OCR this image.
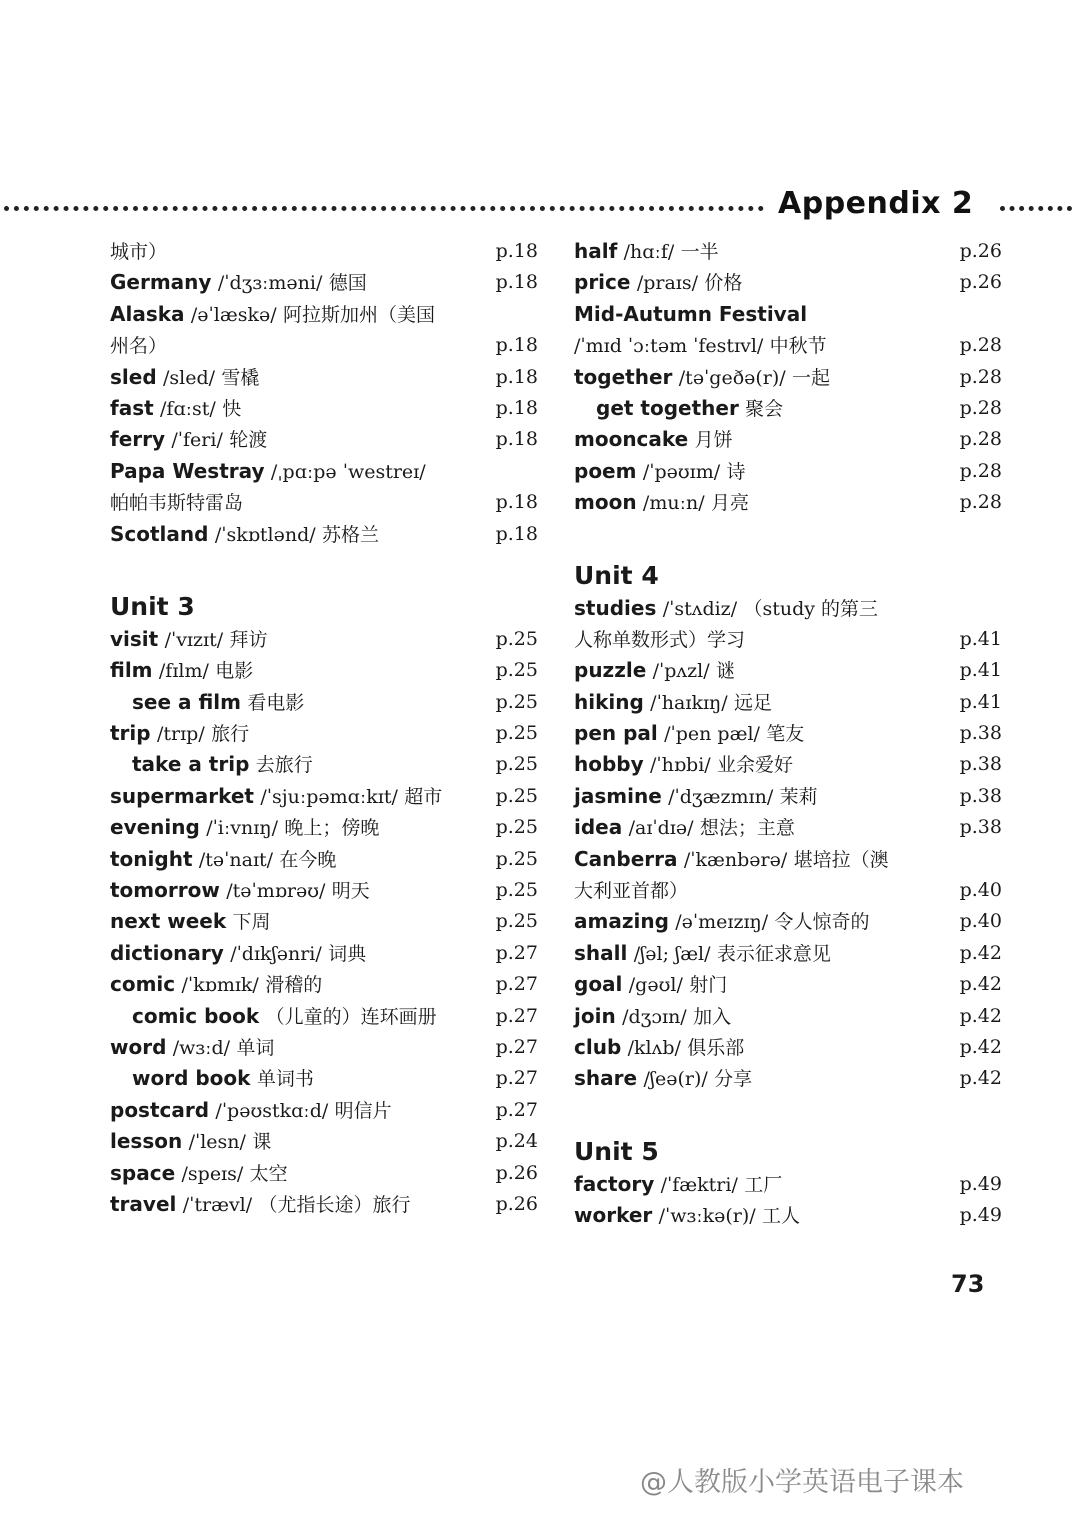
Appendix 2
城市）	p.18
Germany /ˈdʒɜːməni/ 德国	p.18
Alaska /əˈlæskə/ 阿拉斯加州（美国
州名）	p.18
sled /sled/ 雪橇	p.18
fast /fɑːst/ 快	p.18
ferry /ˈferi/ 轮渡	p.18
Papa Westray /ˌpɑːpə ˈwestreɪ/
帕帕韦斯特雷岛	p.18
Scotland /ˈskɒtlənd/ 苏格兰	p.18
Unit 3
visit /ˈvɪzɪt/ 拜访	p.25
film /fɪlm/ 电影	p.25
see a film 看电影	p.25
trip /trɪp/ 旅行	p.25
take a trip 去旅行	p.25
supermarket /ˈsjuːpəmɑːkɪt/ 超市	p.25
evening /ˈiːvnɪŋ/ 晚上；傍晚	p.25
tonight /təˈnaɪt/ 在今晚	p.25
tomorrow /təˈmɒrəʊ/ 明天	p.25
next week 下周	p.25
dictionary /ˈdɪkʃənri/ 词典	p.27
comic /ˈkɒmɪk/ 滑稽的	p.27
comic book （儿童的）连环画册	p.27
word /wɜːd/ 单词	p.27
word book 单词书	p.27
postcard /ˈpəʊstkɑːd/ 明信片	p.27
lesson /ˈlesn/ 课	p.24
space /speɪs/ 太空	p.26
travel /ˈtrævl/ （尤指长途）旅行	p.26
half /hɑːf/ 一半	p.26
price /praɪs/ 价格	p.26
Mid-Autumn Festival
/ˈmɪd ˈɔːtəm ˈfestɪvl/ 中秋节	p.28
together /təˈgeðə(r)/ 一起	p.28
get together 聚会	p.28
mooncake 月饼	p.28
poem /ˈpəʊɪm/ 诗	p.28
moon /muːn/ 月亮	p.28
Unit 4
studies /ˈstʌdiz/ （study 的第三
人称单数形式）学习	p.41
puzzle /ˈpʌzl/ 谜	p.41
hiking /ˈhaɪkɪŋ/ 远足	p.41
pen pal /ˈpen pæl/ 笔友	p.38
hobby /ˈhɒbi/ 业余爱好	p.38
jasmine /ˈdʒæzmɪn/ 茉莉	p.38
idea /aɪˈdɪə/ 想法；主意	p.38
Canberra /ˈkænbərə/ 堪培拉（澳
大利亚首都）	p.40
amazing /əˈmeɪzɪŋ/ 令人惊奇的	p.40
shall /ʃəl; ʃæl/ 表示征求意见	p.42
goal /gəʊl/ 射门	p.42
join /dʒɔɪn/ 加入	p.42
club /klʌb/ 俱乐部	p.42
share /ʃeə(r)/ 分享	p.42
Unit 5
factory /ˈfæktri/ 工厂	p.49
worker /ˈwɜːkə(r)/ 工人	p.49
73
@人教版小学英语电子课本
